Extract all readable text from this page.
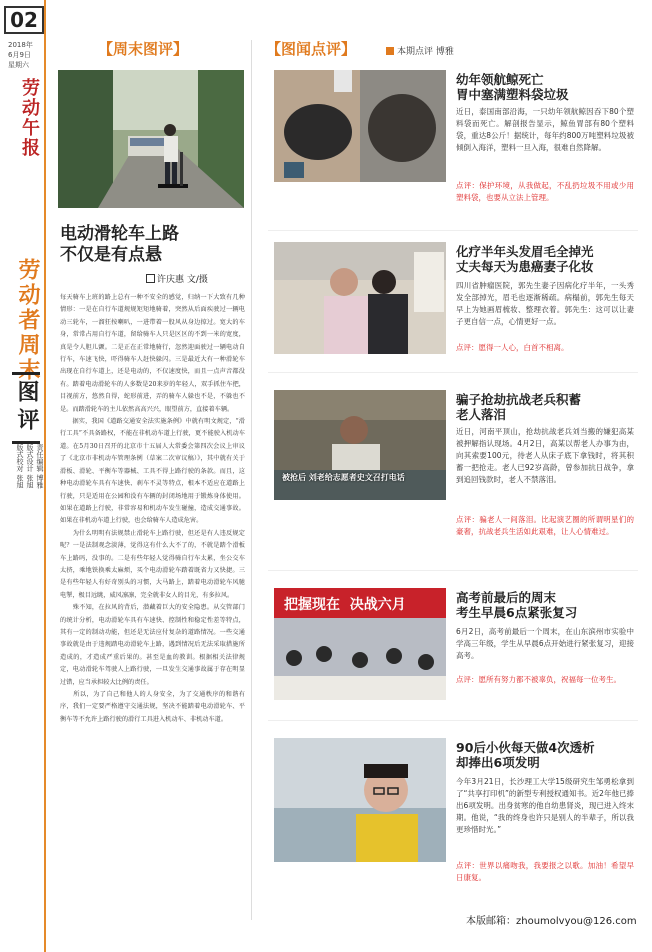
02
2018年
6月9日
星期六
劳动午报
劳动者周末
图评
责任编辑 博雅
版式设计 张旭
版式校对 张旭
【周末图评】	【图闻点评】	本期点评 博雅
电动滑轮车上路
不仅是有点悬
许庆惠 文/摄
每天骑车上班的路上总有一种不安全的感觉，归纳一下大致有几种情形：一是在自行车道规规矩矩地骑着，突然从后面疾驶过一辆电动三轮车，一溜狂按喇叭，一进带着一股风从身边掠过。宽大的车身，常常占用自行车道，留给骑车人只是区区的不到一米的宽度，真是令人胆儿颤。二是正在正常地骑行，忽然迎面驶过一辆电动自行车，车速飞快，吓得骑车人赶快躲闪。三是最近大有一种滑轮车出现在自行车道上，还是电动的，不仅速度快，而且一点声音都没有。踏着电动滑轮车的人多数是20来岁的年轻人，双手抓住车把，目视前方，悠然自得，蛇形前进，弄的骑车人躲也不是，不躲也不是。而踏滑轮车的主儿依然高高兴兴，眼望前方，直接着车辆。
　　据实，我国《道路交通安全法实施条例》中就有明文规定，“滑行工具”不具备路权，不能在非机动车道上行驶，更不能驶入机动车道。在5月30日召开的北京市十五届人大常委会第四次会议上审议了《北京市非机动车管理条例（草案二次审议稿）》，其中就有关于滑板、滑轮、平衡车等器械、工具不得上路行驶的条款。而且，这种电动滑轮车具有车速快、刹车不灵等特点，根本不适应在道路上行驶，只是适用在公园和没有车辆的封闭场地用于锻炼身体使用。如果在道路上行驶，非常容易和机动车发生碰撞，造成交通事故。如果在非机动车道上行驶，也会给骑车人造成危害。
　　为什么明明有法规禁止滑轮车上路行驶，但还是有人违反规定呢？一是法制观念淡薄，觉得这有什么大不了的，不就是踏个滑板车上路吗，没事的。二是有些年轻人觉得骑自行车太累，坐公交车太挤，乘地铁换乘太麻烦，买个电动滑轮车踏着既省力又快捷。三是有些年轻人有好奇别头的习惯，大马路上，踏着电动滑轮车风驰电掣，极目远眺，威风凛凛，完全就非女人的目光，有多拉风。
　　殊不知，在拉风的背后，潜藏着巨大的安全隐患。从交管部门的统计分析，电动滑轮车具有车速快、控制性和稳定性差等特点，其有一定的制动功能，但还是无法应付复杂的道路情况。一些交通事故就是由于违规踏电动滑轮车上路，遇到情况后无法采取措施所造成的，才造成严重后果的。甚至是血的教训。根据相关法律规定，电动滑轮车驾驶人上路行驶，一旦发生交通事故属于存在明显过错，应当承担较大比例的责任。
　　所以，为了自己和他人的人身安全，为了交通秩序的和谐有序，我们一定要严格遵守交通法规，坚决不能踏着电动滑轮车、平衡车等不允许上路行驶的滑行工具进入机动车、非机动车道。
幼年领航鲸死亡
胃中塞满塑料袋垃圾
近日，泰国南部沿海，一只幼年领航鲸因吞下80个塑料袋而死亡。解剖报告显示，鲸鱼胃部有80个塑料袋，重达8公斤！据统计，每年约800万吨塑料垃圾被倾倒入海洋，塑料一旦入海，很难自然降解。
点评：保护环境，从我做起，不乱扔垃圾不用或少用塑料袋，也要从立法上管理。
化疗半年头发眉毛全掉光
丈夫每天为患癌妻子化妆
四川省肿瘤医院，郭先生妻子因病化疗半年，一头秀发全部掉光，眉毛也逐渐稀疏。病榻前，郭先生每天早上为她画眉梳妆、整理衣着。郭先生：这可以让妻子更自信一点，心情更好一点。
点评：愿得一人心，白首不相离。
被抢后 刘老给志愿者史文召打电话
骗子抢劫抗战老兵积蓄
老人落泪
近日，河南平顶山，抢劫抗战老兵刘当搬的嫌犯高某被押解指认现场。4月2日，高某以帮老人办事为由，向其索要100元，待老人从床子底下拿钱时，将其积蓄一把抢走。老人已92岁高龄，曾参加抗日战争，拿到追回钱款时，老人不禁落泪。
点评：骗老人一间落泪。比起演艺圈的所谓明星们的豪奢，抗战老兵生活如此艰难，让人心情难过。
把握现在  决战六月	高考前最后的周末
考生早晨6点紧张复习
6月2日，高考前最后一个周末，在山东滨州市实验中学高三年级，学生从早晨6点开始进行紧张复习，迎接高考。
点评：愿所有努力都不被辜负，祝福每一位考生。
90后小伙每天做4次透析
却捧出6项发明
今年3月21日，长沙理工大学15级研究生邹勇松拿到了“共享打印机”的新型专利授权通知书。近2年他已捧出6项发明。出身贫寒的他自幼患肾炎，现已进入终末期。他说，“我的终身也许只是别人的半辈子，所以我更珍惜时光。”
点评：世界以痛吻我，我要报之以歌。加油！希望早日康复。
本版邮箱：zhoumolvyou@126.com
